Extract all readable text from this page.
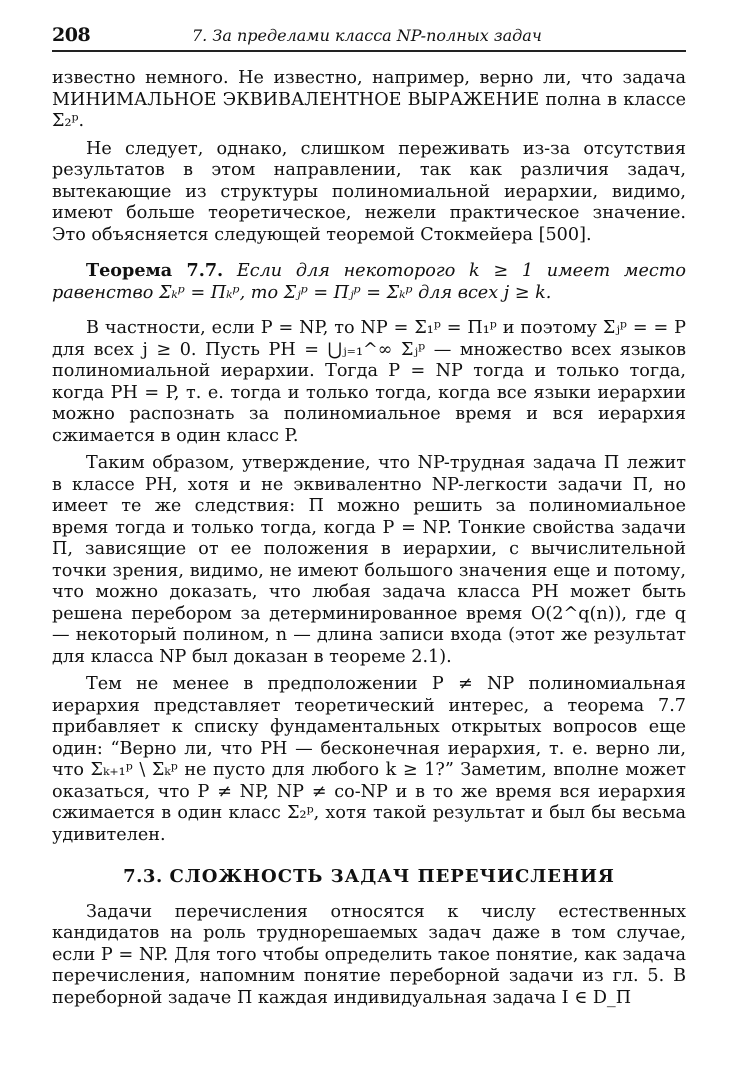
208	7. За пределами класса NP-полных задач

известно немного. Не известно, например, верно ли, что задача МИНИМАЛЬНОЕ ЭКВИВАЛЕНТНОЕ ВЫРАЖЕНИЕ полна в классе Σ₂ᵖ.

Не следует, однако, слишком переживать из-за отсутствия результатов в этом направлении, так как различия задач, вытекающие из структуры полиномиальной иерархии, видимо, имеют больше теоретическое, нежели практическое значение. Это объясняется следующей теоремой Стокмейера [500].

Теорема 7.7. Если для некоторого k ≥ 1 имеет место равенство Σₖᵖ = Πₖᵖ, то Σⱼᵖ = Πⱼᵖ = Σₖᵖ для всех j ≥ k.

В частности, если P = NP, то NP = Σ₁ᵖ = Π₁ᵖ и поэтому Σⱼᵖ = = P для всех j ≥ 0. Пусть PH = ⋃ⱼ₌₁^∞ Σⱼᵖ — множество всех языков полиномиальной иерархии. Тогда P = NP тогда и только тогда, когда PH = P, т. е. тогда и только тогда, когда все языки иерархии можно распознать за полиномиальное время и вся иерархия сжимается в один класс P.

Таким образом, утверждение, что NP-трудная задача Π лежит в классе PH, хотя и не эквивалентно NP-легкости задачи Π, но имеет те же следствия: Π можно решить за полиномиальное время тогда и только тогда, когда P = NP. Тонкие свойства задачи Π, зависящие от ее положения в иерархии, с вычислительной точки зрения, видимо, не имеют большого значения еще и потому, что можно доказать, что любая задача класса PH может быть решена перебором за детерминированное время O(2^q(n)), где q — некоторый полином, n — длина записи входа (этот же результат для класса NP был доказан в теореме 2.1).

Тем не менее в предположении P ≠ NP полиномиальная иерархия представляет теоретический интерес, а теорема 7.7 прибавляет к списку фундаментальных открытых вопросов еще один: “Верно ли, что PH — бесконечная иерархия, т. е. верно ли, что Σₖ₊₁ᵖ \ Σₖᵖ не пусто для любого k ≥ 1?” Заметим, вполне может оказаться, что P ≠ NP, NP ≠ co-NP и в то же время вся иерархия сжимается в один класс Σ₂ᵖ, хотя такой результат и был бы весьма удивителен.

7.3. СЛОЖНОСТЬ ЗАДАЧ ПЕРЕЧИСЛЕНИЯ

Задачи перечисления относятся к числу естественных кандидатов на роль труднорешаемых задач даже в том случае, если P = NP. Для того чтобы определить такое понятие, как задача перечисления, напомним понятие переборной задачи из гл. 5. В переборной задаче Π каждая индивидуальная задача I ∈ D_Π
